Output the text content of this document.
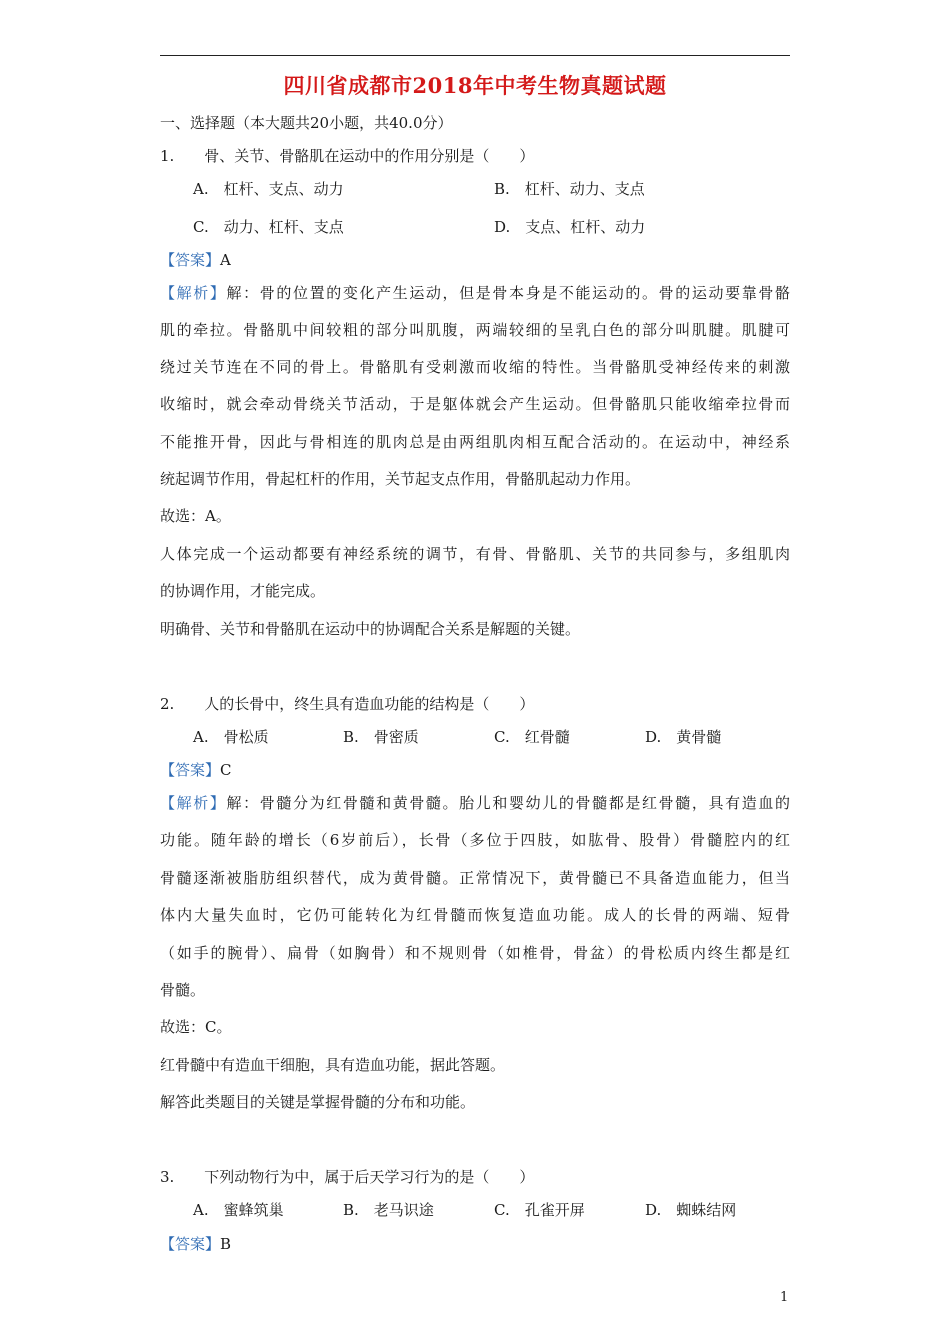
四川省成都市2018年中考生物真题试题
一、选择题（本大题共20小题，共40.0分）
1.　　骨、关节、骨骼肌在运动中的作用分别是（　　）
A.　杠杆、支点、动力	B.　杠杆、动力、支点
C.　动力、杠杆、支点	D.　支点、杠杆、动力
【答案】A
【解析】解：骨的位置的变化产生运动，但是骨本身是不能运动的。骨的运动要靠骨骼
肌的牵拉。骨骼肌中间较粗的部分叫肌腹，两端较细的呈乳白色的部分叫肌腱。肌腱可
绕过关节连在不同的骨上。骨骼肌有受刺激而收缩的特性。当骨骼肌受神经传来的刺激
收缩时，就会牵动骨绕关节活动，于是躯体就会产生运动。但骨骼肌只能收缩牵拉骨而
不能推开骨，因此与骨相连的肌肉总是由两组肌肉相互配合活动的。在运动中，神经系
统起调节作用，骨起杠杆的作用，关节起支点作用，骨骼肌起动力作用。
故选：A。
人体完成一个运动都要有神经系统的调节，有骨、骨骼肌、关节的共同参与，多组肌肉
的协调作用，才能完成。
明确骨、关节和骨骼肌在运动中的协调配合关系是解题的关键。
2.　　人的长骨中，终生具有造血功能的结构是（　　）
A.　骨松质	B.　骨密质	C.　红骨髓	D.　黄骨髓
【答案】C
【解析】解：骨髓分为红骨髓和黄骨髓。胎儿和婴幼儿的骨髓都是红骨髓，具有造血的
功能。随年龄的增长（6岁前后），长骨（多位于四肢，如肱骨、股骨）骨髓腔内的红
骨髓逐渐被脂肪组织替代，成为黄骨髓。正常情况下，黄骨髓已不具备造血能力，但当
体内大量失血时，它仍可能转化为红骨髓而恢复造血功能。成人的长骨的两端、短骨
（如手的腕骨）、扁骨（如胸骨）和不规则骨（如椎骨，骨盆）的骨松质内终生都是红
骨髓。
故选：C。
红骨髓中有造血干细胞，具有造血功能，据此答题。
解答此类题目的关键是掌握骨髓的分布和功能。
3.　　下列动物行为中，属于后天学习行为的是（　　）
A.　蜜蜂筑巢	B.　老马识途	C.　孔雀开屏	D.　蜘蛛结网
【答案】B
1
